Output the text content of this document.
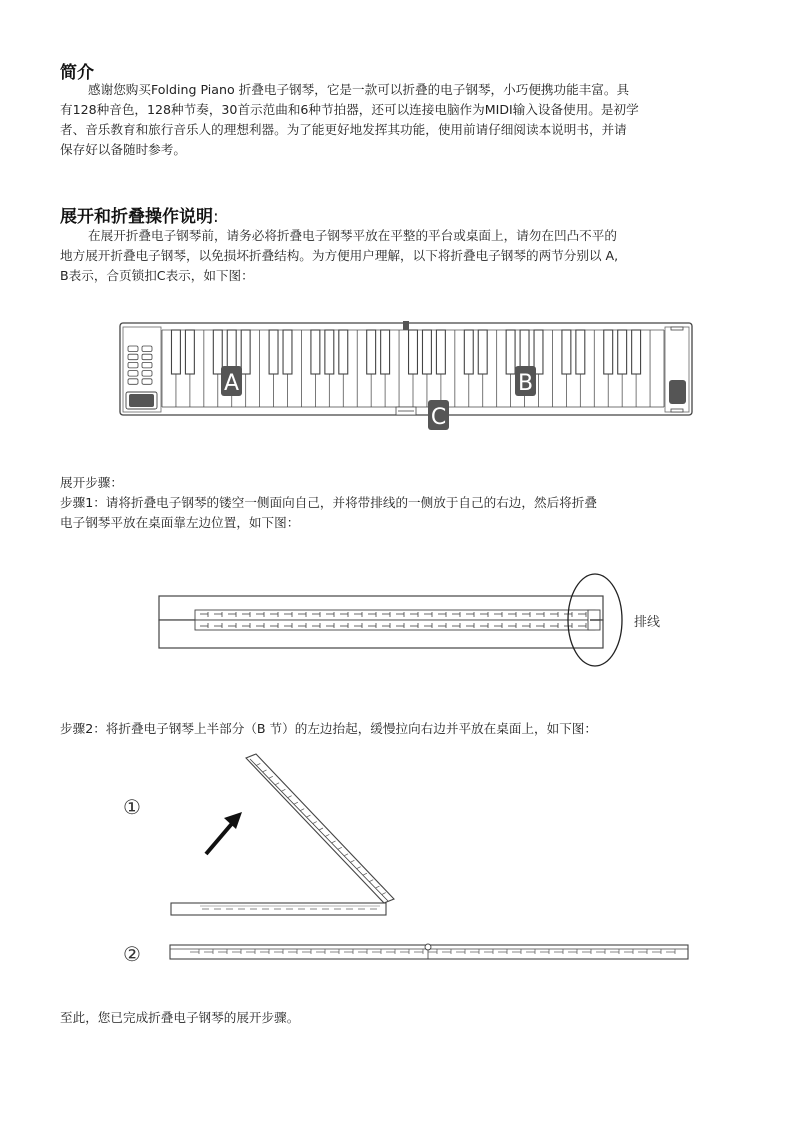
简介
感谢您购买Folding Piano 折叠电子钢琴，它是一款可以折叠的电子钢琴，小巧便携功能丰富。具
有128种音色，128种节奏，30首示范曲和6种节拍器，还可以连接电脑作为MIDI输入设备使用。是初学
者、音乐教育和旅行音乐人的理想利器。为了能更好地发挥其功能，使用前请仔细阅读本说明书，并请
保存好以备随时参考。
展开和折叠操作说明:
在展开折叠电子钢琴前，请务必将折叠电子钢琴平放在平整的平台或桌面上，请勿在凹凸不平的
地方展开折叠电子钢琴，以免损坏折叠结构。为方便用户理解，以下将折叠电子钢琴的两节分别以 A,
B表示，合页锁扣C表示，如下图：
A	B
C
展开步骤：
步骤1：请将折叠电子钢琴的镂空一侧面向自己，并将带排线的一侧放于自己的右边，然后将折叠
电子钢琴平放在桌面靠左边位置，如下图：
排线
步骤2：将折叠电子钢琴上半部分（B 节）的左边抬起，缓慢拉向右边并平放在桌面上，如下图：
①
②
至此，您已完成折叠电子钢琴的展开步骤。
